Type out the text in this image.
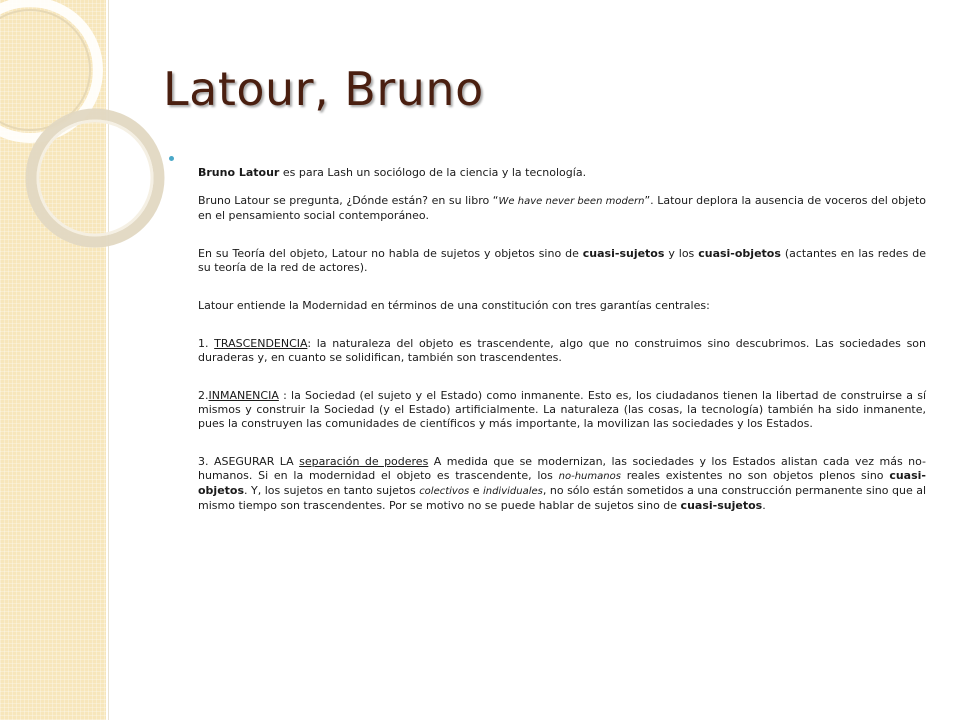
Latour, Bruno

Bruno Latour es para Lash un sociólogo de la ciencia y la tecnología.

Bruno Latour se pregunta, ¿Dónde están? en su libro “We have never been modern”. Latour deplora la ausencia de voceros del objeto en el pensamiento social contemporáneo.

En su Teoría del objeto, Latour no habla de sujetos y objetos sino de cuasi-sujetos y los cuasi-objetos (actantes en las redes de su teoría de la red de actores).

Latour entiende la Modernidad en términos de una constitución con tres garantías centrales:

1. TRASCENDENCIA: la naturaleza del objeto es trascendente, algo que no construimos sino descubrimos. Las sociedades son duraderas y, en cuanto se solidifican, también son trascendentes.

2.INMANENCIA : la Sociedad (el sujeto y el Estado) como inmanente. Esto es, los ciudadanos tienen la libertad de construirse a sí mismos y construir la Sociedad (y el Estado) artificialmente. La naturaleza (las cosas, la tecnología) también ha sido inmanente, pues la construyen las comunidades de científicos y más importante, la movilizan las sociedades y los Estados.

3. ASEGURAR LA separación de poderes A medida que se modernizan, las sociedades y los Estados alistan cada vez más no-humanos. Si en la modernidad el objeto es trascendente, los no-humanos reales existentes no son objetos plenos sino cuasi-objetos. Y, los sujetos en tanto sujetos colectivos e individuales, no sólo están sometidos a una construcción permanente sino que al mismo tiempo son trascendentes. Por se motivo no se puede hablar de sujetos sino de cuasi-sujetos.
